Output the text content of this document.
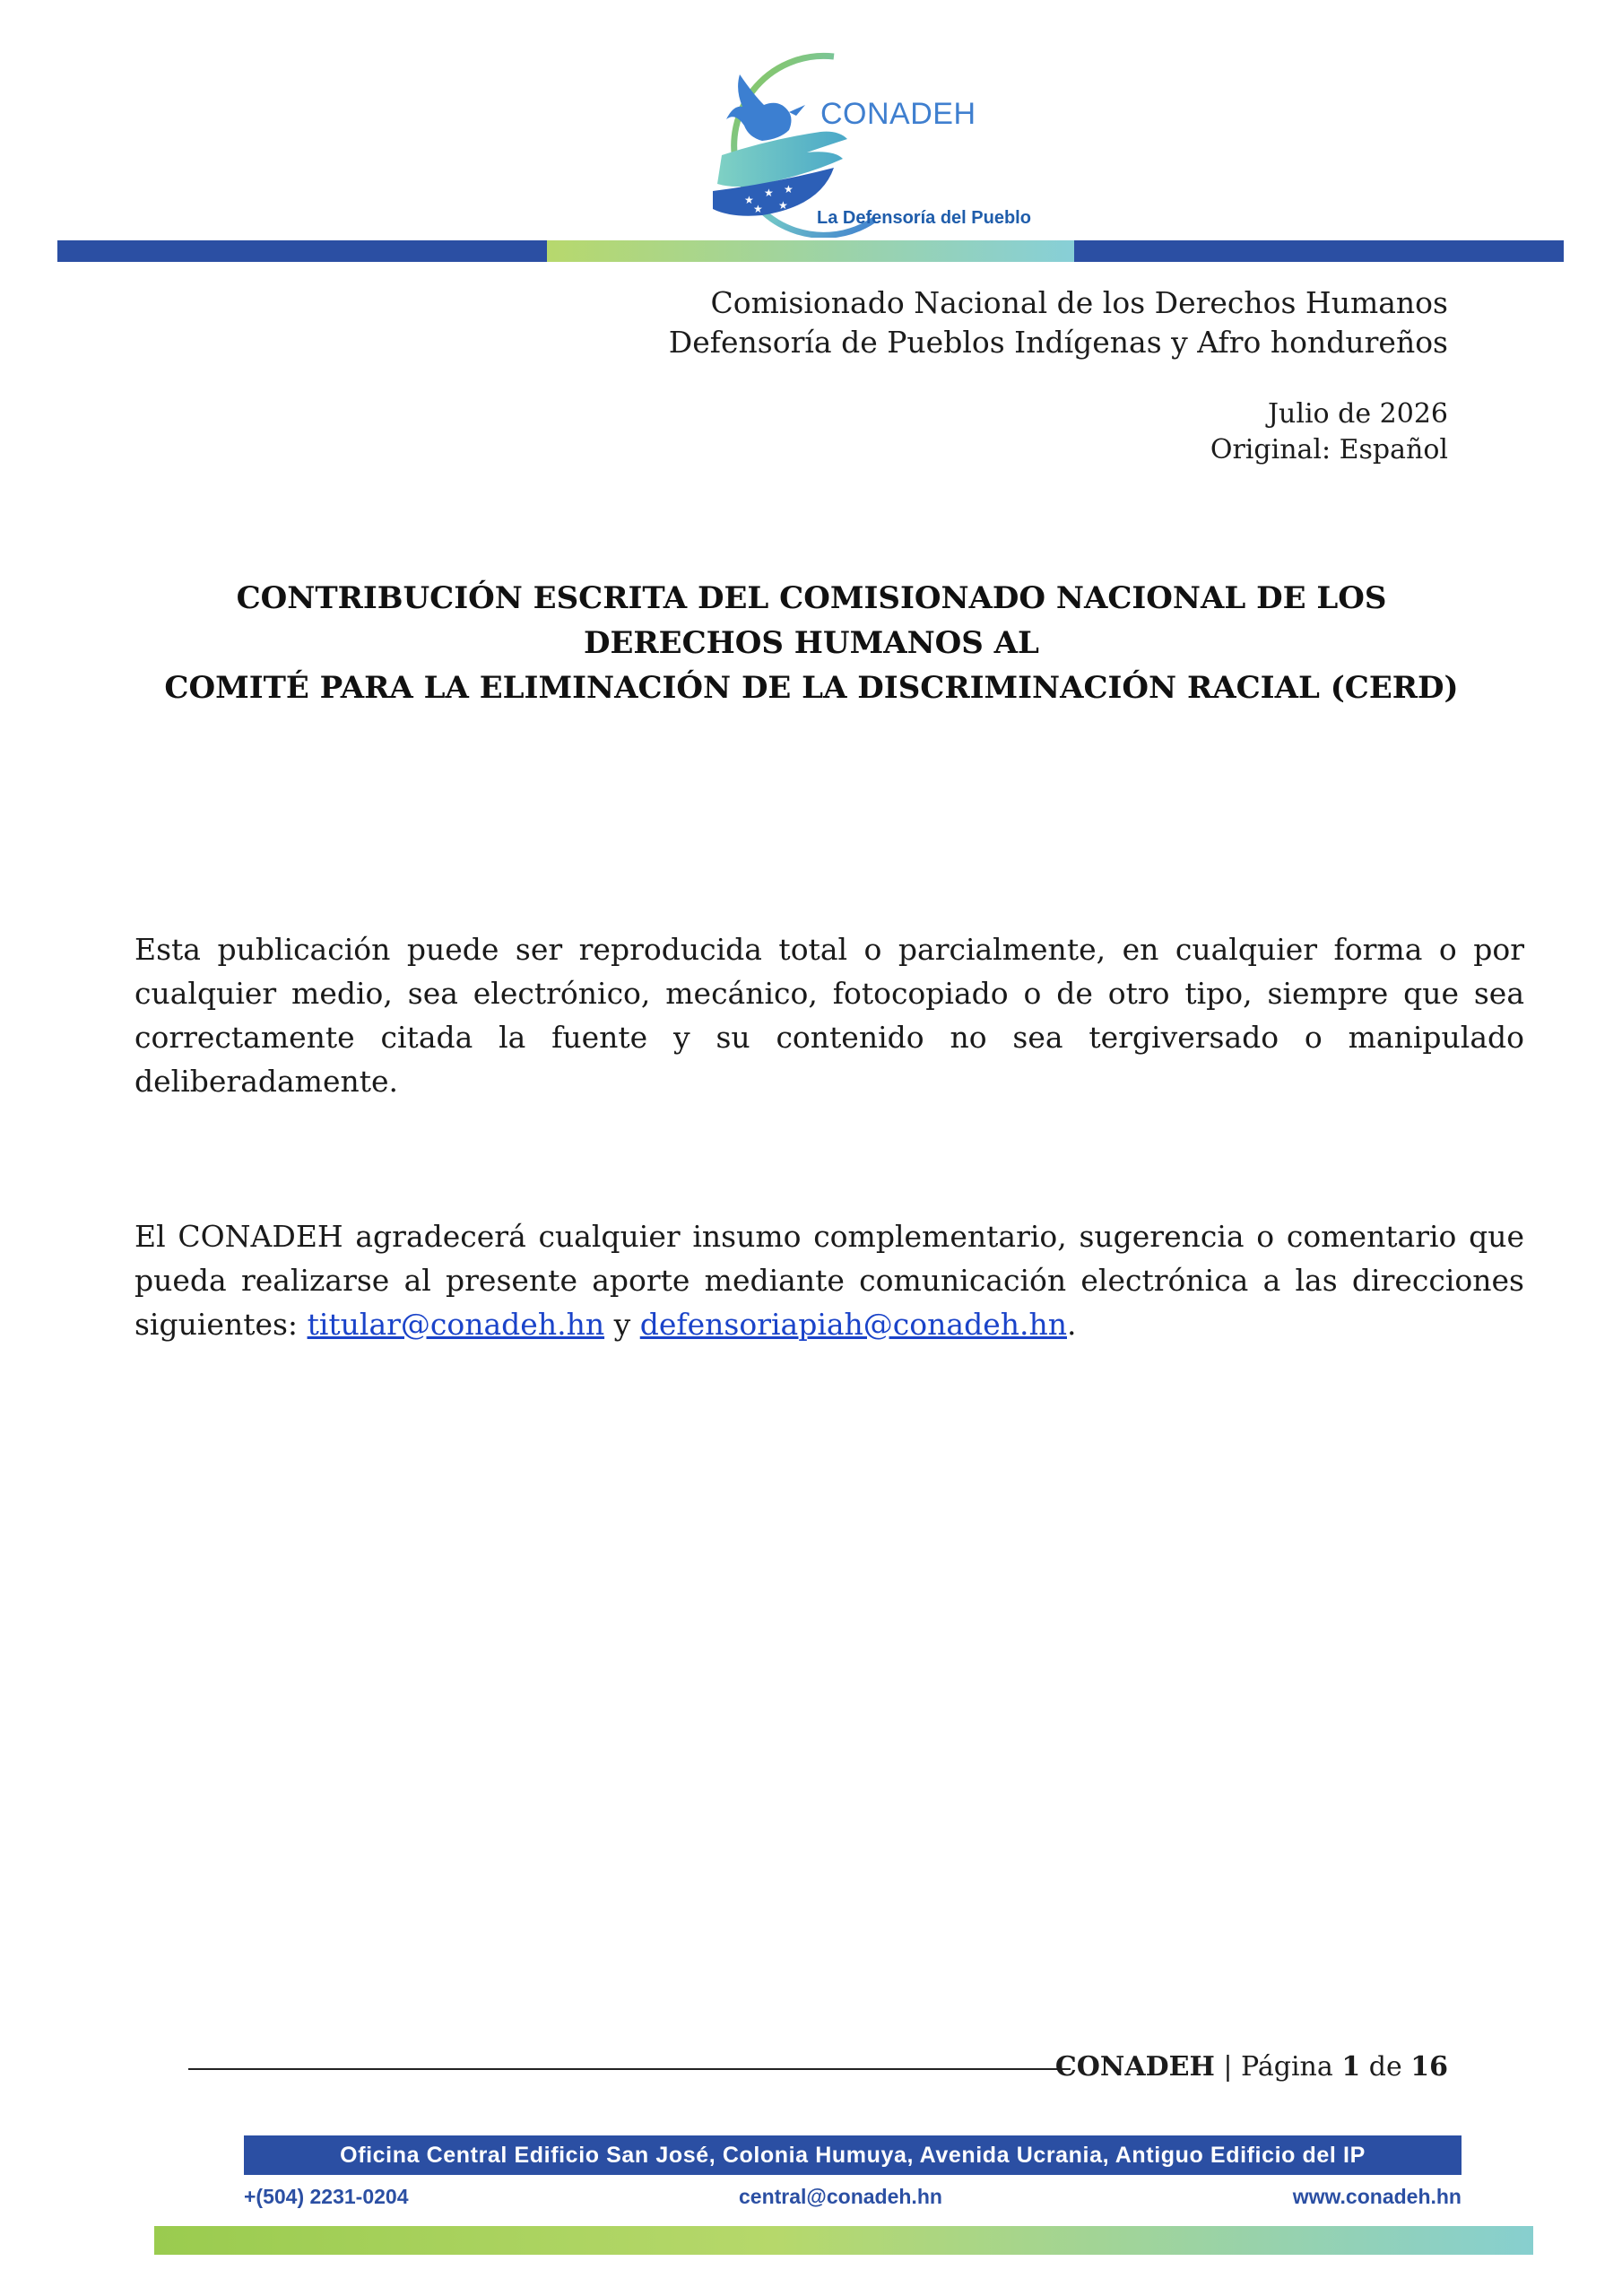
★
★ ★
★ ★
CONADEH
La Defensoría del Pueblo
Comisionado Nacional de los Derechos Humanos
Defensoría de Pueblos Indígenas y Afro hondureños
Julio de 2026
Original: Español
CONTRIBUCIÓN ESCRITA DEL COMISIONADO NACIONAL DE LOS DERECHOS HUMANOS AL
COMITÉ PARA LA ELIMINACIÓN DE LA DISCRIMINACIÓN RACIAL (CERD)
Esta publicación puede ser reproducida total o parcialmente, en cualquier forma o por cualquier medio, sea electrónico, mecánico, fotocopiado o de otro tipo, siempre que sea correctamente citada la fuente y su contenido no sea tergiversado o manipulado deliberadamente.
El CONADEH agradecerá cualquier insumo complementario, sugerencia o comentario que pueda realizarse al presente aporte mediante comunicación electrónica a las direcciones siguientes: titular@conadeh.hn y defensoriapiah@conadeh.hn.
CONADEH | Página 1 de 16
Oficina Central Edificio San José, Colonia Humuya, Avenida Ucrania, Antiguo Edificio del IP
+(504) 2231-0204	central@conadeh.hn	www.conadeh.hn
